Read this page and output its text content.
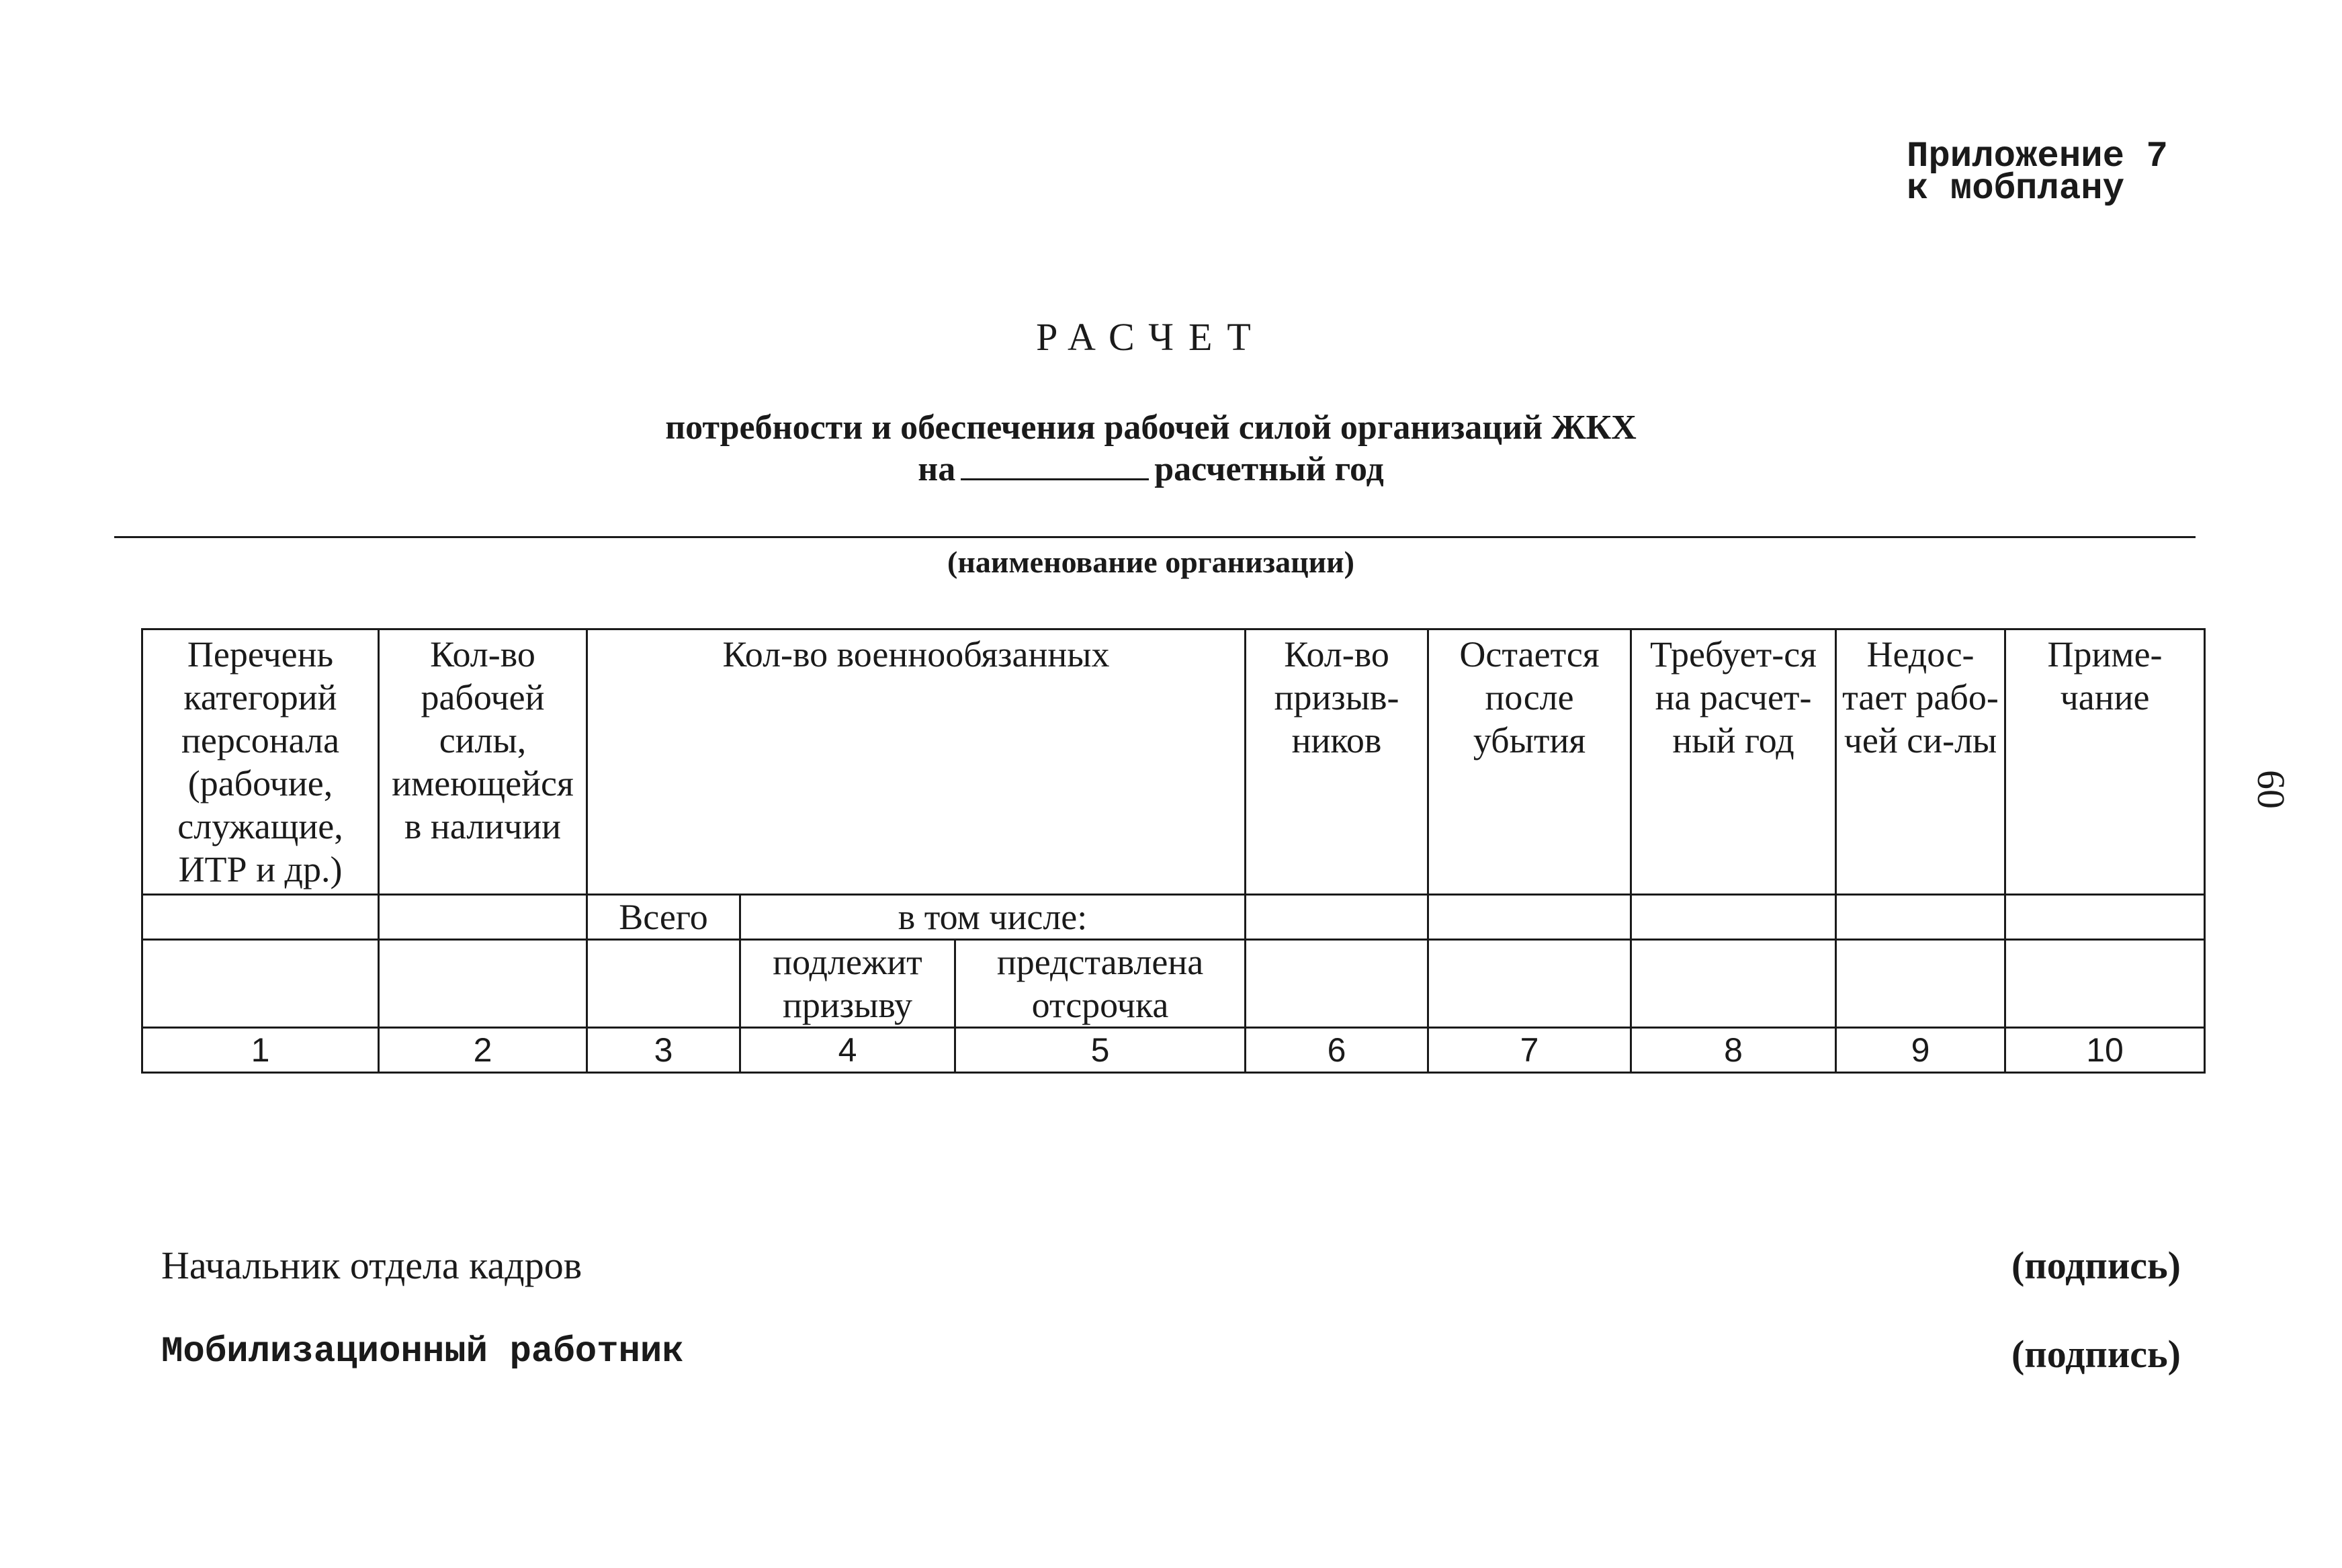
Приложение 7
к мобплану
РАСЧЕТ
потребности и обеспечения рабочей силой организаций ЖКХ
на	расчетный год
(наименование организации)
Перечень категорий персонала (рабочие, служащие, ИТР и др.)	Кол-во рабочей силы, имеющейся в наличии	Кол-во военнообязанных			Кол-во призыв-ников	Остается после убытия	Требует-ся на расчет-ный год	Недос-тает рабо-чей си-лы	Приме-чание
		Всего	в том числе:						
			подлежит призыву	представлена отсрочка					
1	2	3	4	5	6	7	8	9	10
60
Начальник отдела кадров	(подпись)
Мобилизационный работник	(подпись)
